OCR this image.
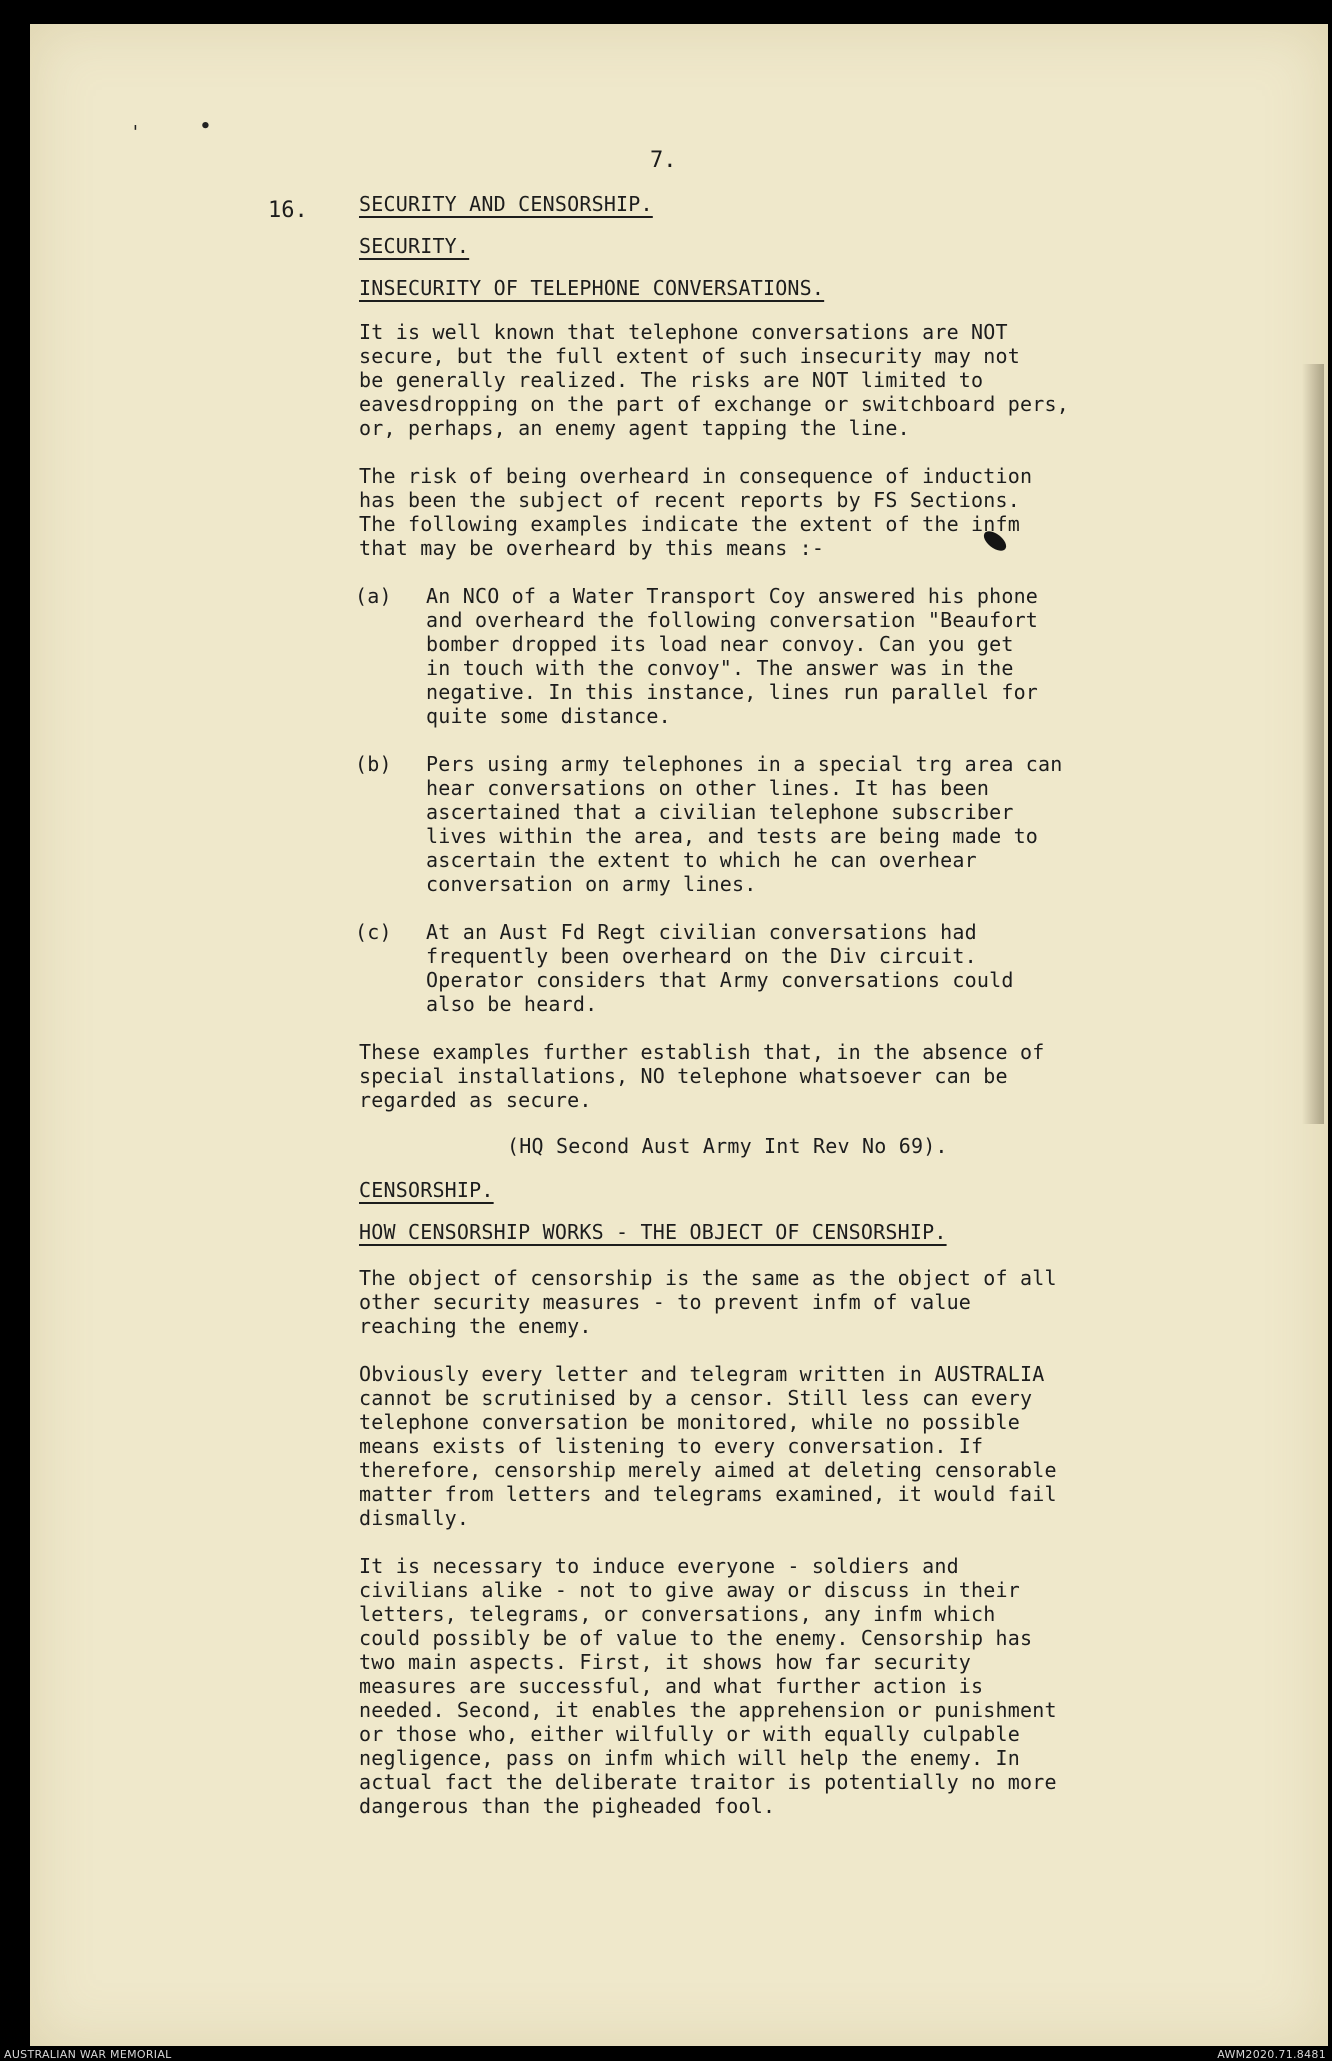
'	•
7.
16.	SECURITY AND CENSORSHIP.

SECURITY.

INSECURITY OF TELEPHONE CONVERSATIONS.

It is well known that telephone conversations are NOT
secure, but the full extent of such insecurity may not
be generally realized. The risks are NOT limited to
eavesdropping on the part of exchange or switchboard pers,
or, perhaps, an enemy agent tapping the line.

The risk of being overheard in consequence of induction
has been the subject of recent reports by FS Sections.
The following examples indicate the extent of the infm
that may be overheard by this means :-

(a)	An NCO of a Water Transport Coy answered his phone
and overheard the following conversation "Beaufort
bomber dropped its load near convoy. Can you get
in touch with the convoy". The answer was in the
negative. In this instance, lines run parallel for
quite some distance.
(b)	Pers using army telephones in a special trg area can
hear conversations on other lines. It has been
ascertained that a civilian telephone subscriber
lives within the area, and tests are being made to
ascertain the extent to which he can overhear
conversation on army lines.
(c)	At an Aust Fd Regt civilian conversations had
frequently been overheard on the Div circuit.
Operator considers that Army conversations could
also be heard.

These examples further establish that, in the absence of
special installations, NO telephone whatsoever can be
regarded as secure.

(HQ Second Aust Army Int Rev No 69).

CENSORSHIP.

HOW CENSORSHIP WORKS - THE OBJECT OF CENSORSHIP.

The object of censorship is the same as the object of all
other security measures - to prevent infm of value
reaching the enemy.

Obviously every letter and telegram written in AUSTRALIA
cannot be scrutinised by a censor. Still less can every
telephone conversation be monitored, while no possible
means exists of listening to every conversation. If
therefore, censorship merely aimed at deleting censorable
matter from letters and telegrams examined, it would fail
dismally.

It is necessary to induce everyone - soldiers and
civilians alike - not to give away or discuss in their
letters, telegrams, or conversations, any infm which
could possibly be of value to the enemy. Censorship has
two main aspects. First, it shows how far security
measures are successful, and what further action is
needed. Second, it enables the apprehension or punishment
or those who, either wilfully or with equally culpable
negligence, pass on infm which will help the enemy. In
actual fact the deliberate traitor is potentially no more
dangerous than the pigheaded fool.

AUSTRALIAN WAR MEMORIAL	AWM2020.71.8481
